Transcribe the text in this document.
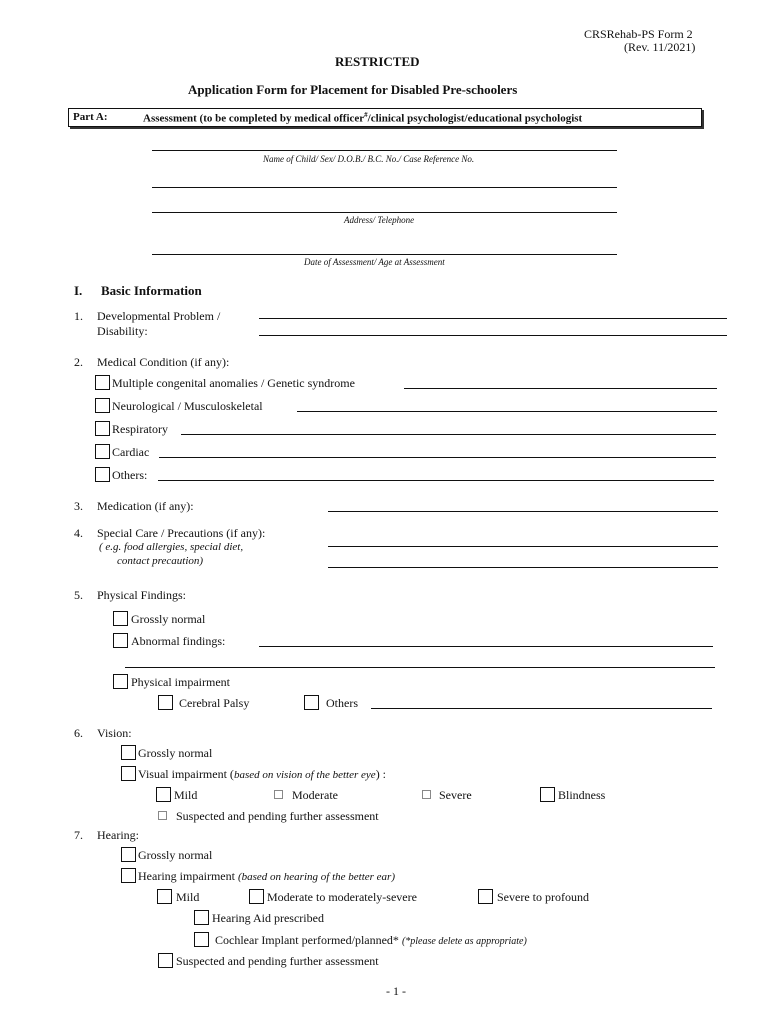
CRSRehab-PS Form 2
(Rev. 11/2021)
RESTRICTED
Application Form for Placement for Disabled Pre-schoolers
Part A:	Assessment (to be completed by medical officer#/clinical psychologist/educational psychologist
Name of Child/ Sex/ D.O.B./ B.C. No./ Case Reference No.
Address/ Telephone
Date of Assessment/ Age at Assessment
I. Basic Information
1. Developmental Problem /
Disability:
2. Medical Condition (if any):
Multiple congenital anomalies / Genetic syndrome
Neurological / Musculoskeletal
Respiratory
Cardiac
Others:
3. Medication (if any):
4. Special Care / Precautions (if any):
( e.g. food allergies, special diet,
contact precaution)
5. Physical Findings:
Grossly normal
Abnormal findings:
Physical impairment
Cerebral Palsy	Others
6. Vision:
Grossly normal
Visual impairment (based on vision of the better eye) :
Mild	Moderate	Severe	Blindness
Suspected and pending further assessment
7. Hearing:
Grossly normal
Hearing impairment (based on hearing of the better ear)
Mild	Moderate to moderately-severe	Severe to profound
Hearing Aid prescribed
Cochlear Implant performed/planned* (*please delete as appropriate)
Suspected and pending further assessment
- 1 -
